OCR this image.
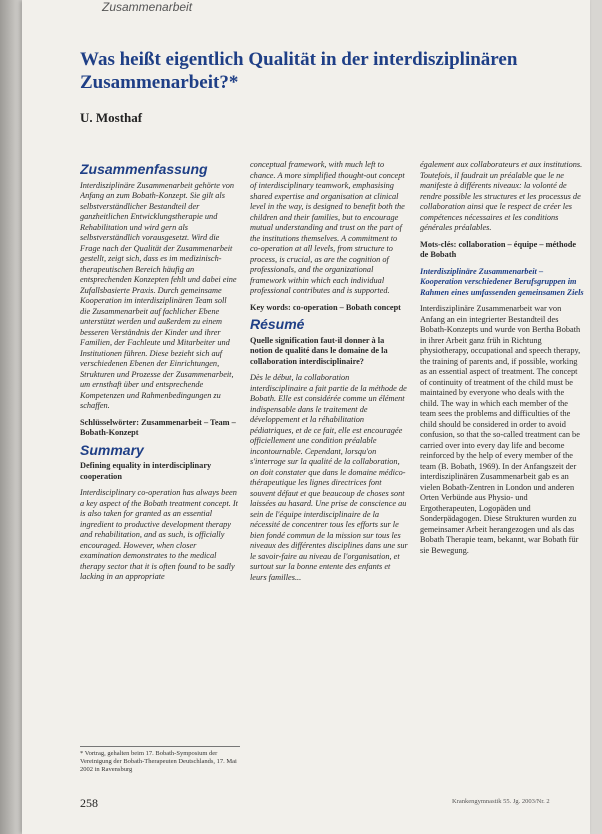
Zusammenarbeit
Was heißt eigentlich Qualität in der interdisziplinären Zusammenarbeit?*
U. Mosthaf
Zusammenfassung

Interdisziplinäre Zusammenarbeit gehörte von Anfang an zum Bobath-Konzept. Sie gilt als selbstverständlicher Bestandteil der ganzheitlichen Entwicklungstherapie und Rehabilitation und wird gern als selbstverständlich vorausgesetzt. Wird die Frage nach der Qualität der Zusammenarbeit gestellt, zeigt sich, dass es im medizinisch-therapeutischen Bereich häufig an entsprechenden Konzepten fehlt und dabei eine Zufallsbasierte Praxis. Durch gemeinsame Kooperation im interdisziplinären Team soll die Zusammenarbeit auf fachlicher Ebene unterstützt werden und außerdem zu einem besseren Verständnis der Kinder und ihrer Familien, der Fachleute und Mitarbeiter und Institutionen führen. Diese bezieht sich auf verschiedenen Ebenen der Einrichtungen, Strukturen und Prozesse der Zusammenarbeit, um ernsthaft über und entsprechende Kompetenzen und Rahmenbedingungen zu schaffen.

Schlüsselwörter: Zusammenarbeit – Team – Bobath-Konzept

Summary

Defining equality in interdisciplinary cooperation

Interdisciplinary co-operation has always been a key aspect of the Bobath treatment concept. It is also taken for granted as an essential ingredient to productive development therapy and rehabilitation, and as such, is officially encouraged. However, when closer examination demonstrates to the medical therapy sector that it is often found to be sadly lacking in an appropriate

* Vortrag, gehalten beim 17. Bobath-Symposium der Vereinigung der Bobath-Therapeuten Deutschlands, 17. Mai 2002 in Ravensburg

conceptual framework, with much left to chance. A more simplified thought-out concept of interdisciplinary teamwork, emphasising shared expertise and organisation at clinical level in the way, is designed to benefit both the children and their families, but to encourage mutual understanding and trust on the part of the institutions themselves. A commitment to co-operation at all levels, from structure to process, is crucial, as are the cognition of professionals, and the organizational framework within which each individual professional contributes and is supported.

Key words: co-operation – Bobath concept

Résumé

Quelle signification faut-il donner à la notion de qualité dans le domaine de la collaboration interdisciplinaire?

Dès le début, la collaboration interdisciplinaire a fait partie de la méthode de Bobath. Elle est considérée comme un élément indispensable dans le traitement de développement et la réhabilitation pédiatriques, et de ce fait, elle est encouragée officiellement une condition préalable incontournable. Cependant, lorsqu'on s'interroge sur la qualité de la collaboration, on doit constater que dans le domaine médico-thérapeutique les lignes directrices font souvent défaut et que beaucoup de choses sont laissées au hasard. Une prise de conscience au sein de l'équipe interdisciplinaire de la nécessité de concentrer tous les efforts sur le bien fondé commun de la mission sur tous les niveaux des différentes disciplines dans une sur le savoir-faire au niveau de l'organisation, et surtout sur la bonne entente des enfants et leurs familles...

également aux collaborateurs et aux institutions. Toutefois, il faudrait un préalable que le ne manifeste à différents niveaux: la volonté de rendre possible les structures et les processus de collaboration ainsi que le respect de créer les compétences nécessaires et les conditions générales préalables.

Mots-clés: collaboration – équipe – méthode de Bobath

Interdisziplinäre Zusammenarbeit – Kooperation verschiedener Berufsgruppen im Rahmen eines umfassenden gemeinsamen Ziels

Interdisziplinäre Zusammenarbeit war von Anfang an ein integrierter Bestandteil des Bobath-Konzepts und wurde von Bertha Bobath in ihrer Arbeit ganz früh in Richtung physiotherapy, occupational and speech therapy, the training of parents and, if possible, working as an essential aspect of treatment. The concept of continuity of treatment of the child must be maintained by everyone who deals with the child. The way in which each member of the team sees the problems and difficulties of the child should be considered in order to avoid confusion, so that the so-called treatment can be carried over into every day life and become reinforced by the help of every member of the team (B. Bobath, 1969). In der Anfangszeit der interdisziplinären Zusammenarbeit gab es an vielen Bobath-Zentren in London und anderen Orten Verbünde aus Physio- und Ergotherapeuten, Logopäden und Sonderpädagogen. Diese Strukturen wurden zu gemeinsamer Arbeit herangezogen und als das Bobath Therapie team, bekannt, war Bobath für sie Bewegung.

258	Krankengymnastik 55. Jg. 2003/Nr. 2
